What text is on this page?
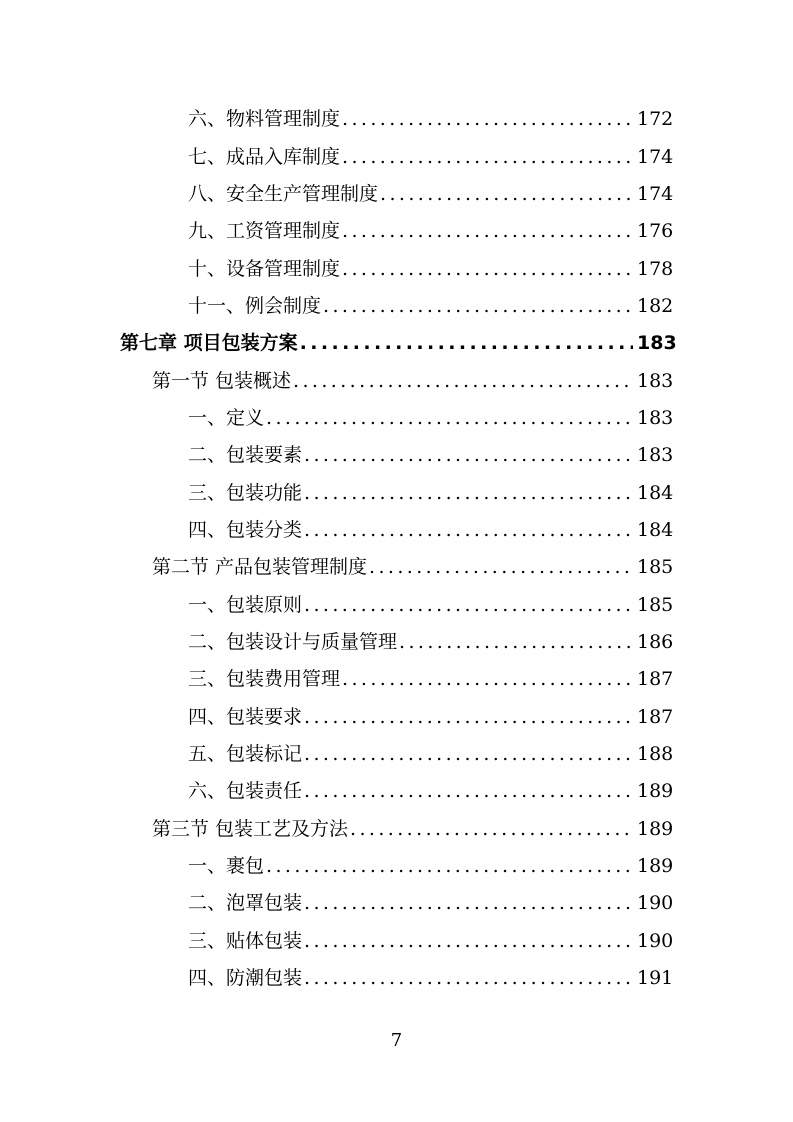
六、物料管理制度 .....	172
七、成品入库制度 .....	174
八、安全生产管理制度 .....	174
九、工资管理制度 .....	176
十、设备管理制度 .....	178
十一、例会制度 .....	182
第七章 项目包装方案 .....	183
第一节 包装概述 .....	183
一、定义 .....	183
二、包装要素 .....	183
三、包装功能 .....	184
四、包装分类 .....	184
第二节 产品包装管理制度 .....	185
一、包装原则 .....	185
二、包装设计与质量管理 .....	186
三、包装费用管理 .....	187
四、包装要求 .....	187
五、包装标记 .....	188
六、包装责任 .....	189
第三节 包装工艺及方法 .....	189
一、裹包 .....	189
二、泡罩包装 .....	190
三、贴体包装 .....	190
四、防潮包装 .....	191
7
